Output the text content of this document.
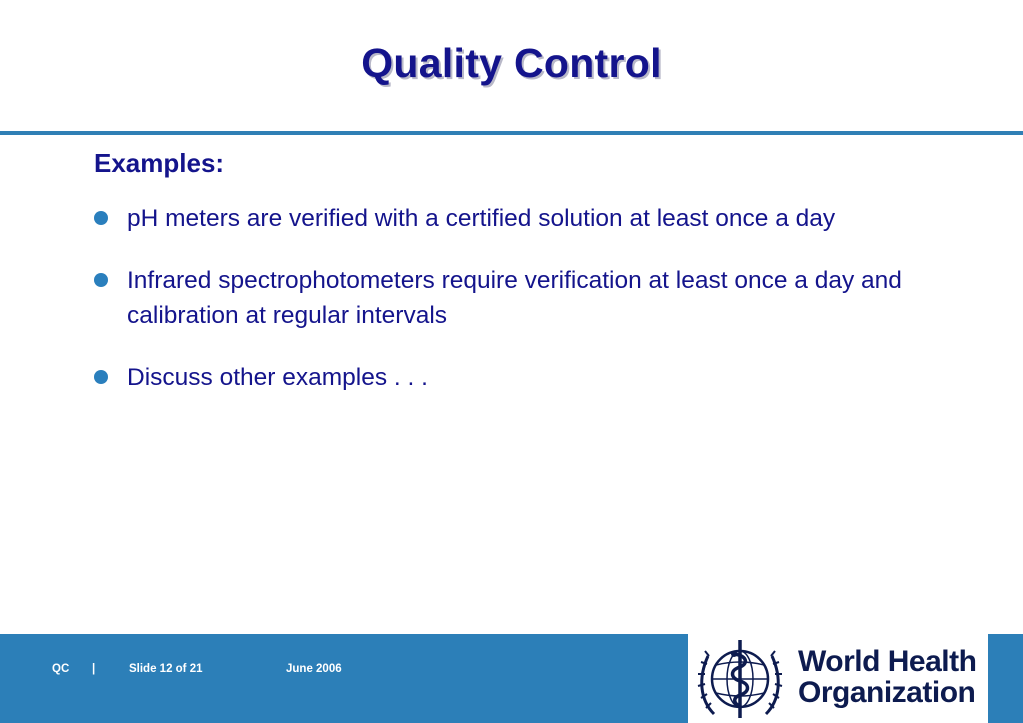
Quality Control
Examples:
pH meters are verified with a certified solution at least once a day
Infrared spectrophotometers require verification at least once a day and calibration at regular intervals
Discuss other examples . . .
QC |	Slide 12 of 21	June 2006	World Health
Organization
